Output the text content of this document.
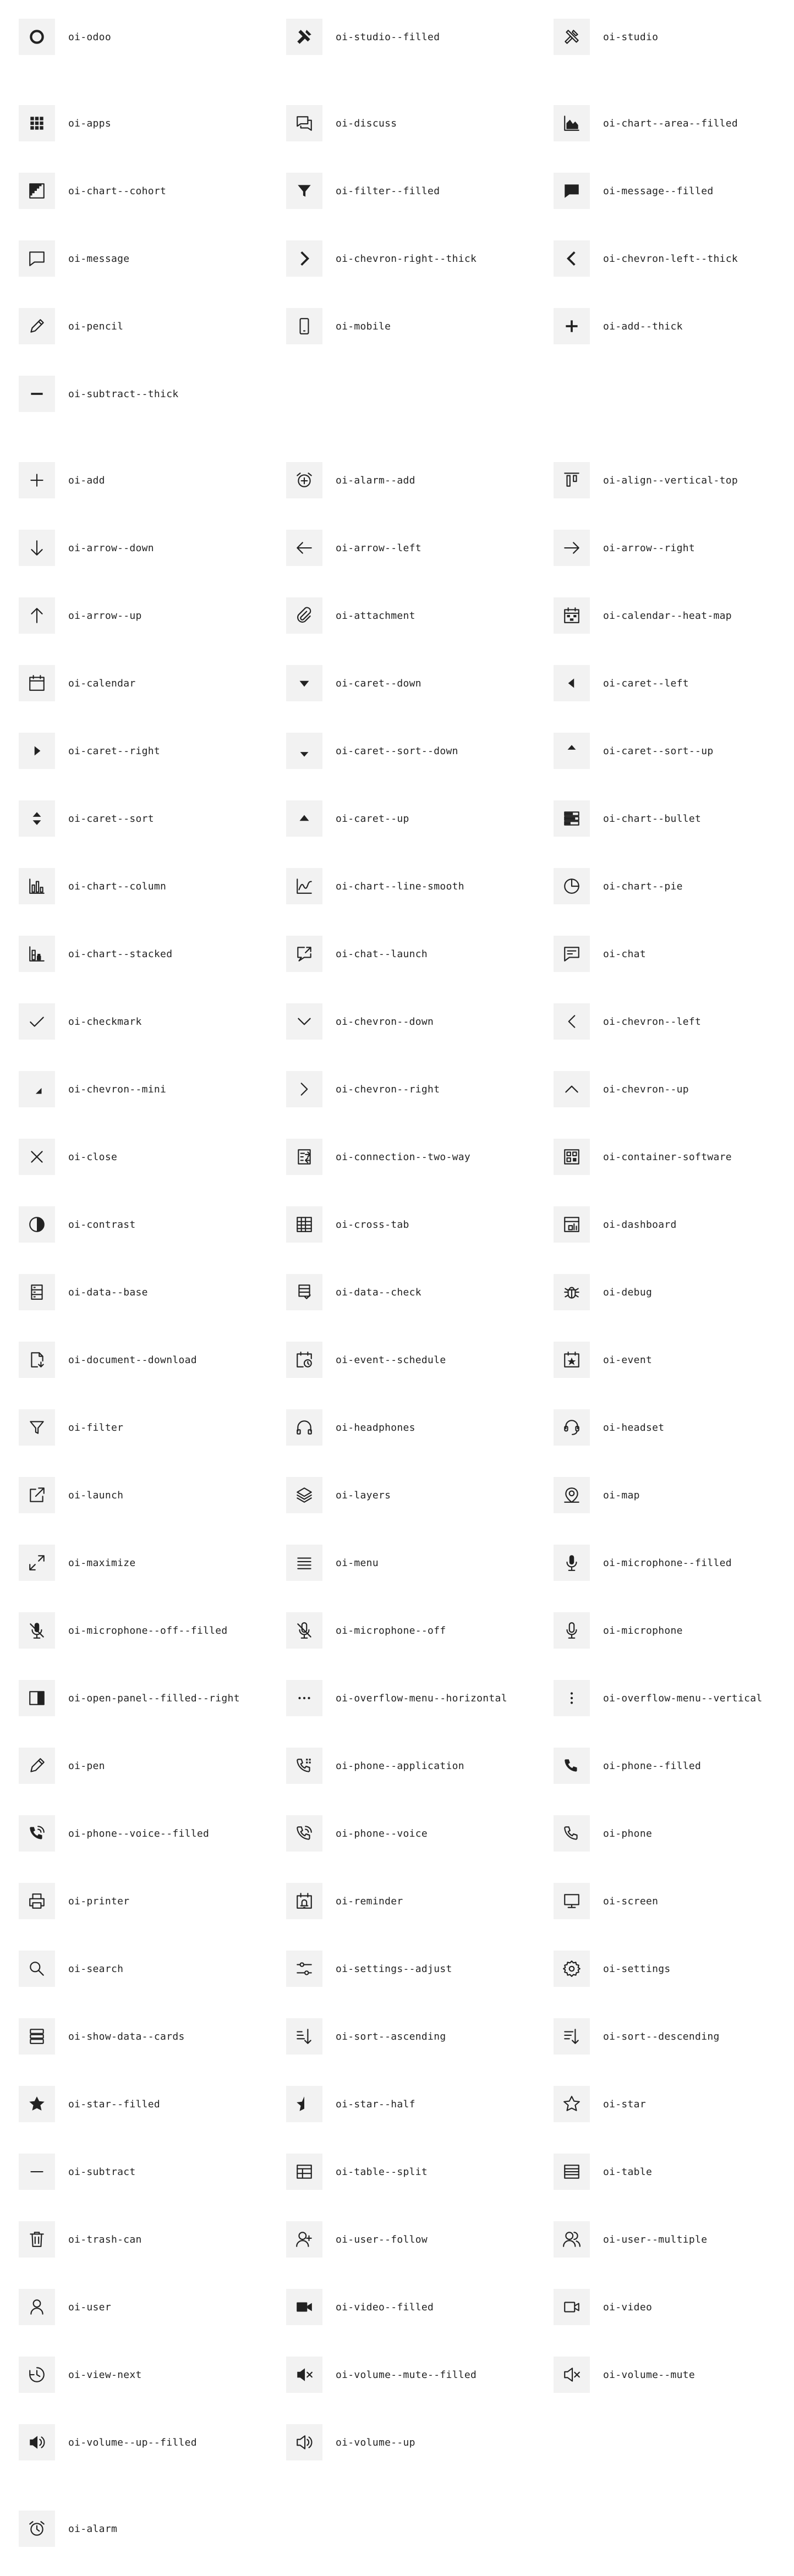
oi-odoo	oi-studio--filled	oi-studio
oi-apps	oi-discuss	oi-chart--area--filled
oi-chart--cohort	oi-filter--filled	oi-message--filled
oi-message	oi-chevron-right--thick	oi-chevron-left--thick
oi-pencil	oi-mobile	oi-add--thick
oi-subtract--thick
oi-add	oi-alarm--add	oi-align--vertical-top
oi-arrow--down	oi-arrow--left	oi-arrow--right
oi-arrow--up	oi-attachment	oi-calendar--heat-map
oi-calendar	oi-caret--down	oi-caret--left
oi-caret--right	oi-caret--sort--down	oi-caret--sort--up
oi-caret--sort	oi-caret--up	oi-chart--bullet
oi-chart--column	oi-chart--line-smooth	oi-chart--pie
oi-chart--stacked	oi-chat--launch	oi-chat
oi-checkmark	oi-chevron--down	oi-chevron--left
oi-chevron--mini	oi-chevron--right	oi-chevron--up
oi-close	oi-connection--two-way	oi-container-software
oi-contrast	oi-cross-tab	oi-dashboard
oi-data--base	oi-data--check	oi-debug
oi-document--download	oi-event--schedule	oi-event
oi-filter	oi-headphones	oi-headset
oi-launch	oi-layers	oi-map
oi-maximize	oi-menu	oi-microphone--filled
oi-microphone--off--filled	oi-microphone--off	oi-microphone
oi-open-panel--filled--right	oi-overflow-menu--horizontal	oi-overflow-menu--vertical
oi-pen	oi-phone--application	oi-phone--filled
oi-phone--voice--filled	oi-phone--voice	oi-phone
oi-printer	oi-reminder	oi-screen
oi-search	oi-settings--adjust	oi-settings
oi-show-data--cards	oi-sort--ascending	oi-sort--descending
oi-star--filled	oi-star--half	oi-star
oi-subtract	oi-table--split	oi-table
oi-trash-can	oi-user--follow	oi-user--multiple
oi-user	oi-video--filled	oi-video
oi-view-next	oi-volume--mute--filled	oi-volume--mute
oi-volume--up--filled	oi-volume--up
oi-alarm
